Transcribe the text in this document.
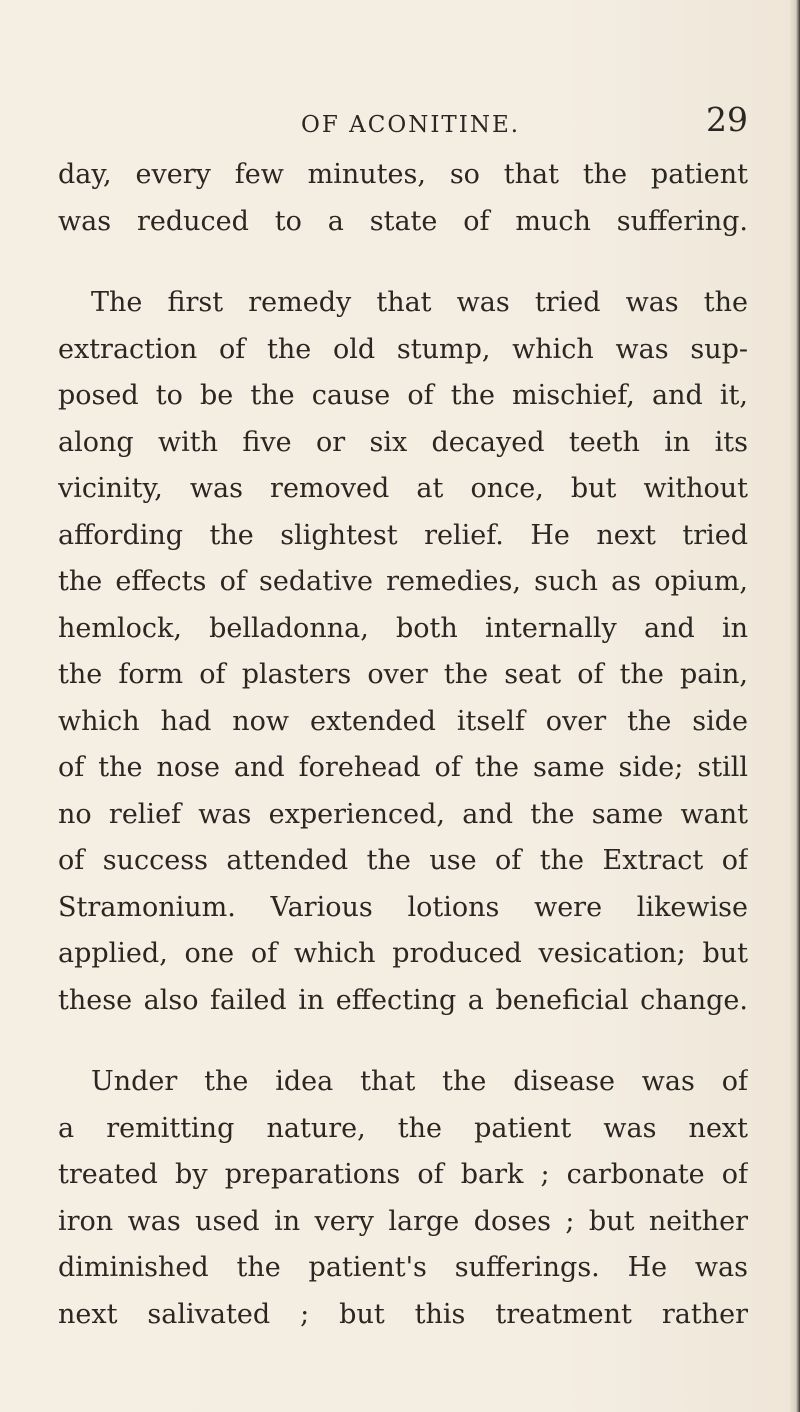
OF ACONITINE.	29

day, every few minutes, so that the patient
was reduced to a state of much suffering.

The first remedy that was tried was the
extraction of the old stump, which was sup-
posed to be the cause of the mischief, and it,
along with five or six decayed teeth in its
vicinity, was removed at once, but without
affording the slightest relief. He next tried
the effects of sedative remedies, such as opium,
hemlock, belladonna, both internally and in
the form of plasters over the seat of the pain,
which had now extended itself over the side
of the nose and forehead of the same side; still
no relief was experienced, and the same want
of success attended the use of the Extract of
Stramonium. Various lotions were likewise
applied, one of which produced vesication; but
these also failed in effecting a beneficial change.

Under the idea that the disease was of
a remitting nature, the patient was next
treated by preparations of bark ; carbonate of
iron was used in very large doses ; but neither
diminished the patient's sufferings. He was
next salivated ; but this treatment rather
